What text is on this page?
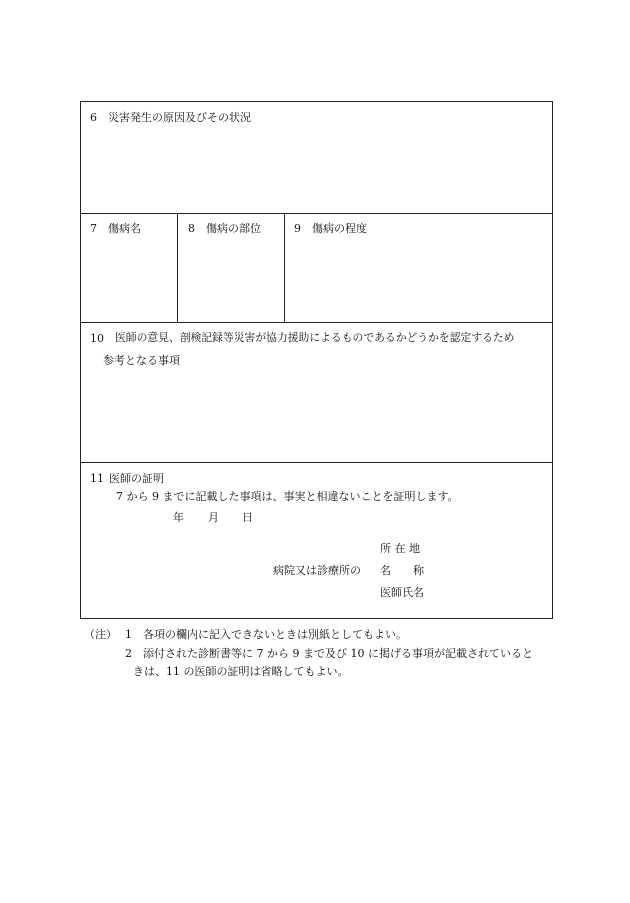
6 災害発生の原因及びその状況
7 傷病名	8 傷病の部位	9 傷病の程度
10 医師の意見、剖検記録等災害が協力援助によるものであるかどうかを認定するため
参考となる事項
11 医師の証明
7 から 9 までに記載した事項は、事実と相違ないことを証明します。
年 月 日
所 在 地
病院又は診療所の 名 称
医師氏名
（注） 1 各項の欄内に記入できないときは別紙としてもよい。
2 添付された診断書等に 7 から 9 まで及び 10 に掲げる事項が記載されていると
きは、11 の医師の証明は省略してもよい。
